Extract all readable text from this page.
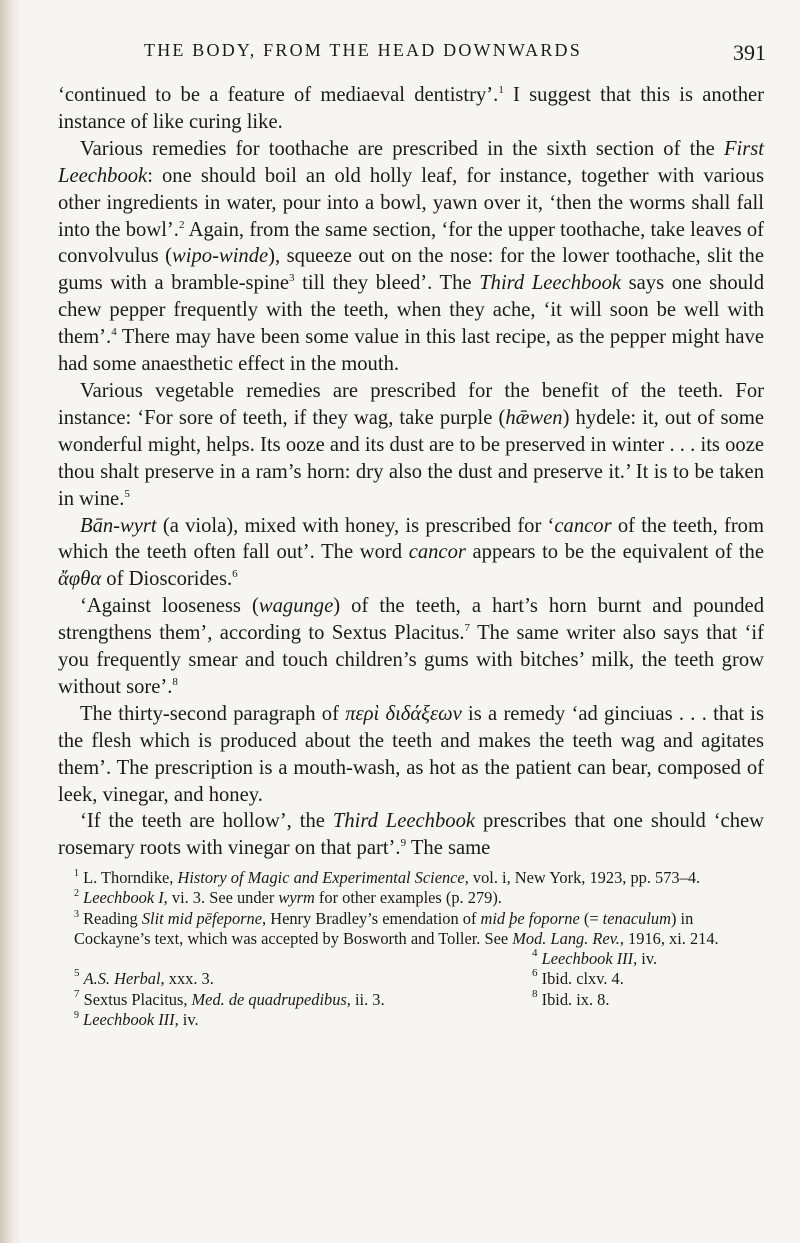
THE BODY, FROM THE HEAD DOWNWARDS	391

‘continued to be a feature of mediaeval dentistry’.$^1$ I suggest that this is another instance of like curing like.

Various remedies for toothache are prescribed in the sixth section of the First Leechbook: one should boil an old holly leaf, for instance, together with various other ingredients in water, pour into a bowl, yawn over it, ‘then the worms shall fall into the bowl’.$^2$ Again, from the same section, ‘for the upper toothache, take leaves of convolvulus (wipo-winde), squeeze out on the nose: for the lower toothache, slit the gums with a bramble-spine$^3$ till they bleed’. The Third Leechbook says one should chew pepper frequently with the teeth, when they ache, ‘it will soon be well with them’.$^4$ There may have been some value in this last recipe, as the pepper might have had some anaesthetic effect in the mouth.

Various vegetable remedies are prescribed for the benefit of the teeth. For instance: ‘For sore of teeth, if they wag, take purple (hǣwen) hydele: it, out of some wonderful might, helps. Its ooze and its dust are to be preserved in winter . . . its ooze thou shalt preserve in a ram’s horn: dry also the dust and preserve it.’ It is to be taken in wine.$^5$

Bān-wyrt (a viola), mixed with honey, is prescribed for ‘cancor of the teeth, from which the teeth often fall out’. The word cancor appears to be the equivalent of the ἄφθα of Dioscorides.$^6$

‘Against looseness (wagunge) of the teeth, a hart’s horn burnt and pounded strengthens them’, according to Sextus Placitus.$^7$ The same writer also says that ‘if you frequently smear and touch children’s gums with bitches’ milk, the teeth grow without sore’.$^8$

The thirty-second paragraph of περὶ διδάξεων is a remedy ‘ad ginciuas . . . that is the flesh which is produced about the teeth and makes the teeth wag and agitates them’. The prescription is a mouth-wash, as hot as the patient can bear, composed of leek, vinegar, and honey.

‘If the teeth are hollow’, the Third Leechbook prescribes that one should ‘chew rosemary roots with vinegar on that part’.$^9$ The same

$^1$ L. Thorndike, History of Magic and Experimental Science, vol. i, New York, 1923, pp. 573–4.
$^2$ Leechbook I, vi. 3. See under wyrm for other examples (p. 279).
$^3$ Reading Slit mid pēfeporne, Henry Bradley’s emendation of mid þe foporne (= tenaculum) in Cockayne’s text, which was accepted by Bosworth and Toller. See Mod. Lang. Rev., 1916, xi. 214.
$^4$ Leechbook III, iv.
$^5$ A.S. Herbal, xxx. 3.	$^6$ Ibid. clxv. 4.
$^7$ Sextus Placitus, Med. de quadrupedibus, ii. 3.	$^8$ Ibid. ix. 8.
$^9$ Leechbook III, iv.
